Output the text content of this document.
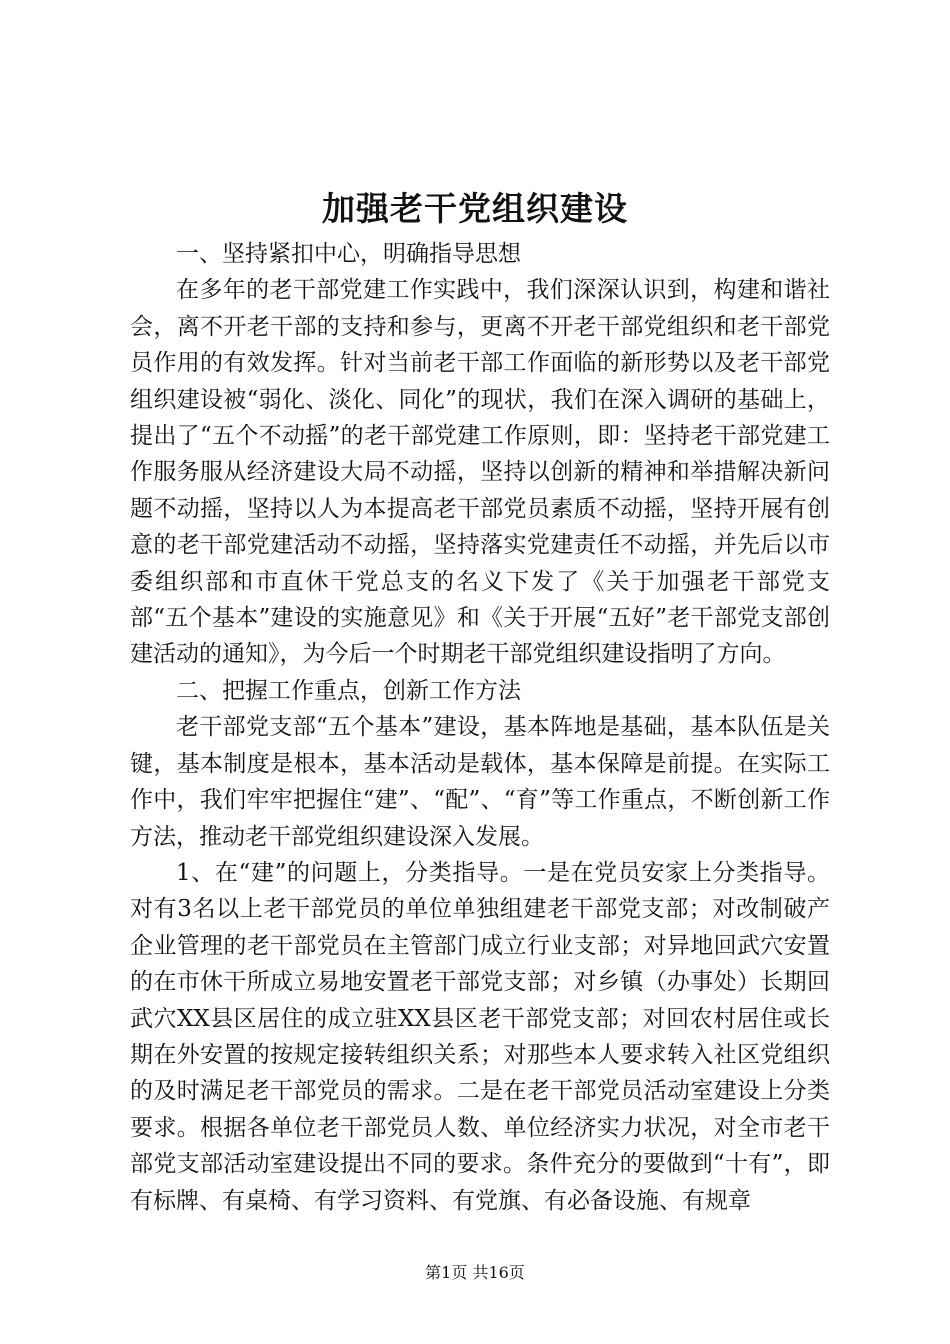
加强老干党组织建设

一、坚持紧扣中心，明确指导思想

在多年的老干部党建工作实践中，我们深深认识到，构建和谐社会，离不开老干部的支持和参与，更离不开老干部党组织和老干部党员作用的有效发挥。针对当前老干部工作面临的新形势以及老干部党组织建设被“弱化、淡化、同化”的现状，我们在深入调研的基础上，提出了“五个不动摇”的老干部党建工作原则，即：坚持老干部党建工作服务服从经济建设大局不动摇，坚持以创新的精神和举措解决新问题不动摇，坚持以人为本提高老干部党员素质不动摇，坚持开展有创意的老干部党建活动不动摇，坚持落实党建责任不动摇，并先后以市委组织部和市直休干党总支的名义下发了《关于加强老干部党支部“五个基本”建设的实施意见》和《关于开展“五好”老干部党支部创建活动的通知》，为今后一个时期老干部党组织建设指明了方向。

二、把握工作重点，创新工作方法

老干部党支部“五个基本”建设，基本阵地是基础，基本队伍是关键，基本制度是根本，基本活动是载体，基本保障是前提。在实际工作中，我们牢牢把握住“建”、“配”、“育”等工作重点，不断创新工作方法，推动老干部党组织建设深入发展。

1、在“建”的问题上，分类指导。一是在党员安家上分类指导。对有3名以上老干部党员的单位单独组建老干部党支部；对改制破产企业管理的老干部党员在主管部门成立行业支部；对异地回武穴安置的在市休干所成立易地安置老干部党支部；对乡镇（办事处）长期回武穴XX县区居住的成立驻XX县区老干部党支部；对回农村居住或长期在外安置的按规定接转组织关系；对那些本人要求转入社区党组织的及时满足老干部党员的需求。二是在老干部党员活动室建设上分类要求。根据各单位老干部党员人数、单位经济实力状况，对全市老干部党支部活动室建设提出不同的要求。条件充分的要做到“十有”，即有标牌、有桌椅、有学习资料、有党旗、有必备设施、有规章

第1页 共16页
